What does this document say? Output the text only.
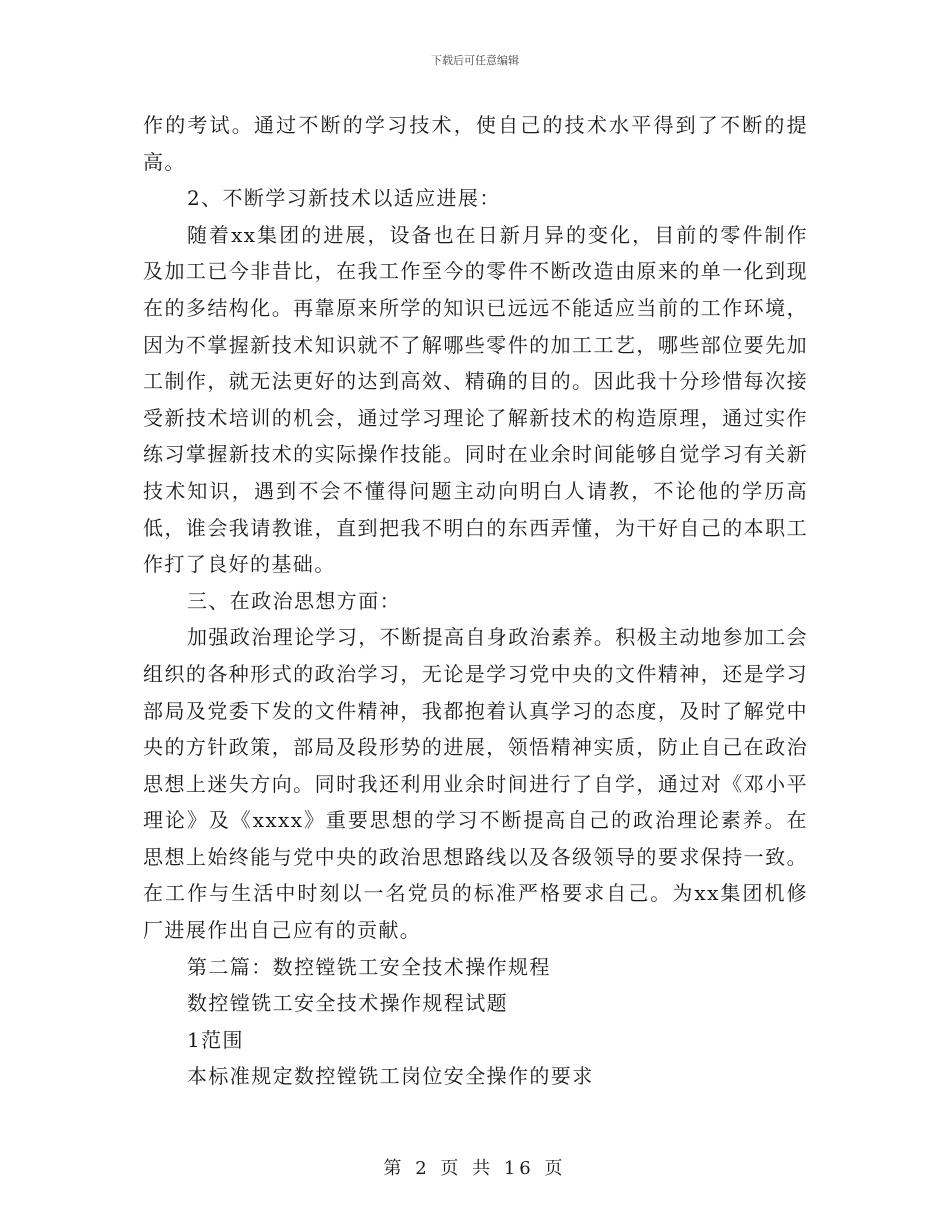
下载后可任意编辑

作的考试。通过不断的学习技术，使自己的技术水平得到了不断的提高。

2、不断学习新技术以适应进展：

随着xx集团的进展，设备也在日新月异的变化，目前的零件制作及加工已今非昔比，在我工作至今的零件不断改造由原来的单一化到现在的多结构化。再靠原来所学的知识已远远不能适应当前的工作环境，因为不掌握新技术知识就不了解哪些零件的加工工艺，哪些部位要先加工制作，就无法更好的达到高效、精确的目的。因此我十分珍惜每次接受新技术培训的机会，通过学习理论了解新技术的构造原理，通过实作练习掌握新技术的实际操作技能。同时在业余时间能够自觉学习有关新技术知识，遇到不会不懂得问题主动向明白人请教，不论他的学历高低，谁会我请教谁，直到把我不明白的东西弄懂，为干好自己的本职工作打了良好的基础。

三、在政治思想方面：

加强政治理论学习，不断提高自身政治素养。积极主动地参加工会组织的各种形式的政治学习，无论是学习党中央的文件精神，还是学习部局及党委下发的文件精神，我都抱着认真学习的态度，及时了解党中央的方针政策，部局及段形势的进展，领悟精神实质，防止自己在政治思想上迷失方向。同时我还利用业余时间进行了自学，通过对《邓小平理论》及《xxxx》重要思想的学习不断提高自己的政治理论素养。在思想上始终能与党中央的政治思想路线以及各级领导的要求保持一致。在工作与生活中时刻以一名党员的标准严格要求自己。为xx集团机修厂进展作出自己应有的贡献。

第二篇：数控镗铣工安全技术操作规程

数控镗铣工安全技术操作规程试题

1范围

本标准规定数控镗铣工岗位安全操作的要求

第 2 页 共 16 页
